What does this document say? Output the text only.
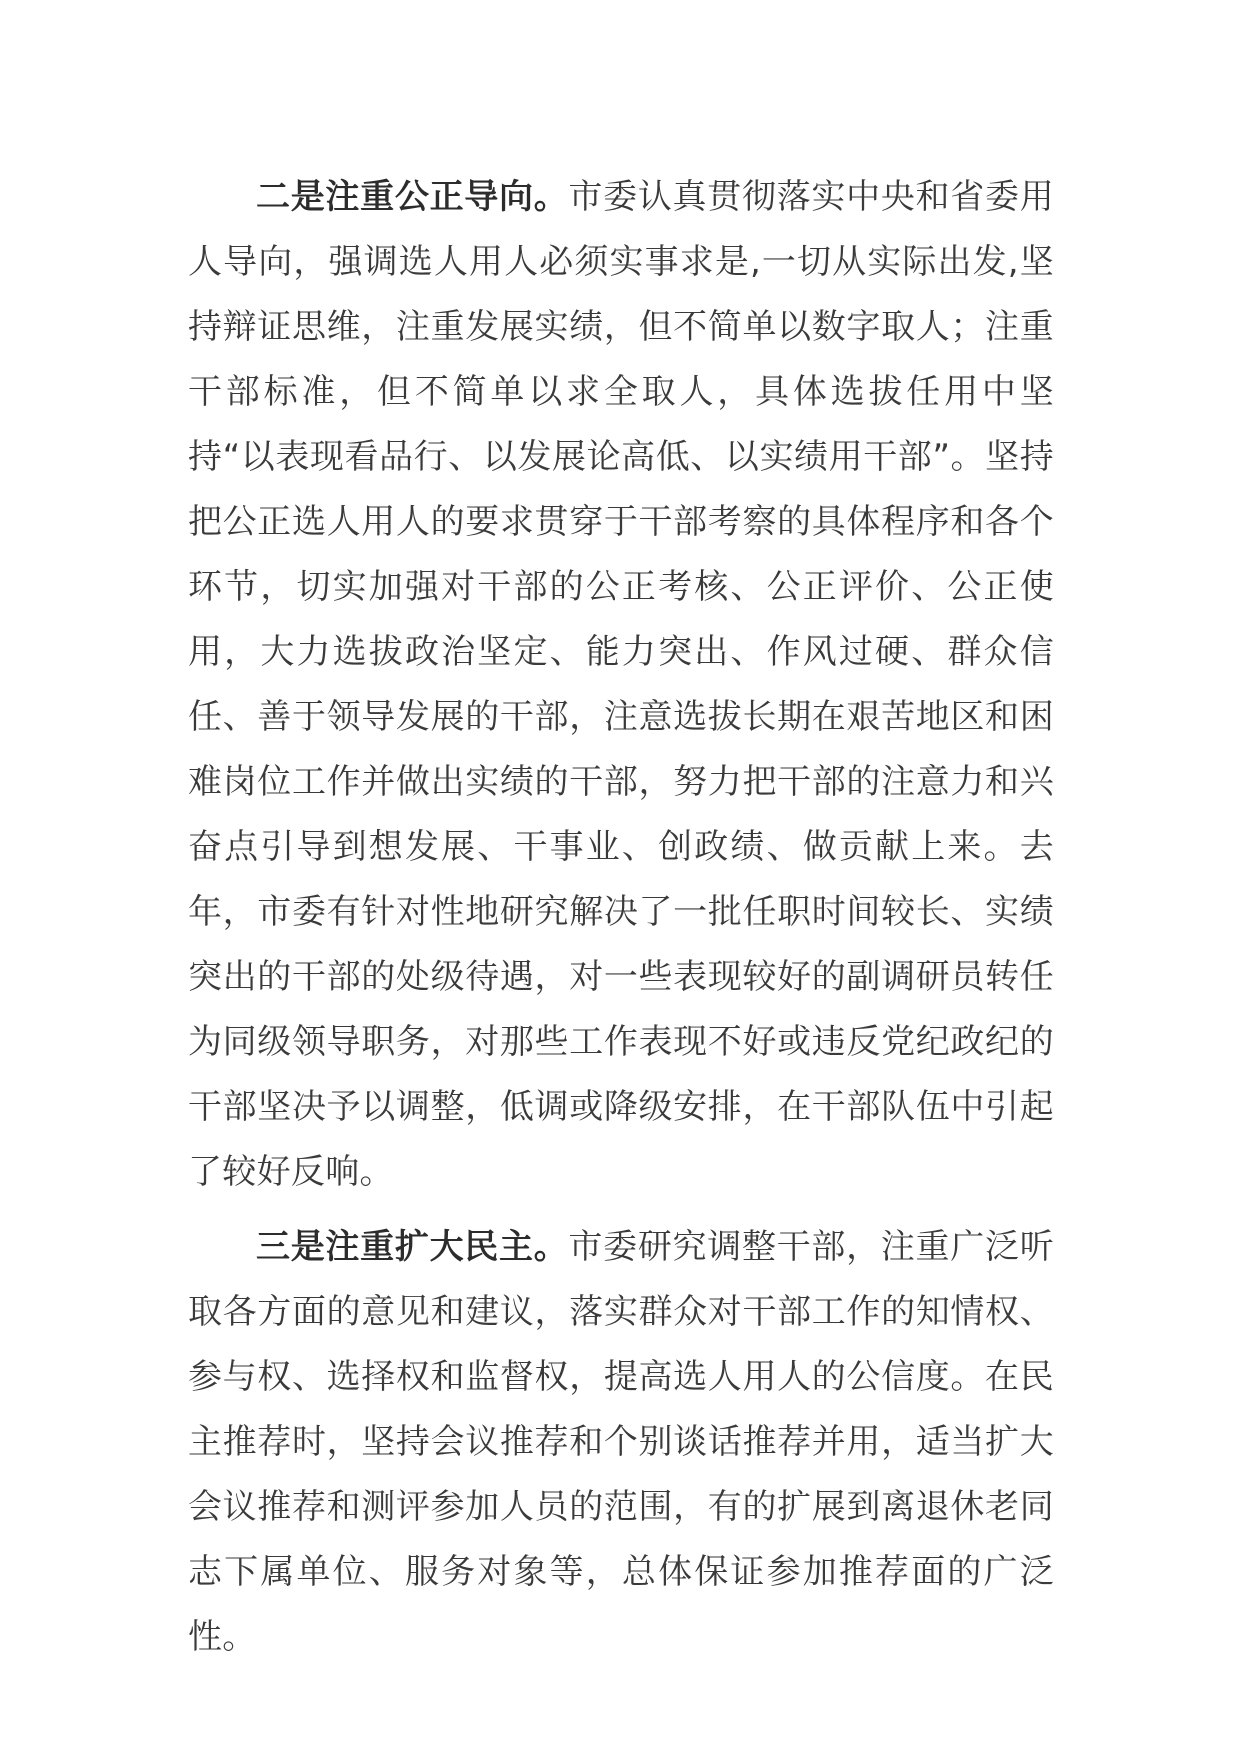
二是注重公正导向。市委认真贯彻落实中央和省委用人导向，强调选人用人必须实事求是,一切从实际出发,坚持辩证思维，注重发展实绩，但不简单以数字取人；注重干部标准，但不简单以求全取人，具体选拔任用中坚持“以表现看品行、以发展论高低、以实绩用干部”。坚持把公正选人用人的要求贯穿于干部考察的具体程序和各个环节，切实加强对干部的公正考核、公正评价、公正使用，大力选拔政治坚定、能力突出、作风过硬、群众信任、善于领导发展的干部，注意选拔长期在艰苦地区和困难岗位工作并做出实绩的干部，努力把干部的注意力和兴奋点引导到想发展、干事业、创政绩、做贡献上来。去年，市委有针对性地研究解决了一批任职时间较长、实绩突出的干部的处级待遇，对一些表现较好的副调研员转任为同级领导职务，对那些工作表现不好或违反党纪政纪的干部坚决予以调整，低调或降级安排，在干部队伍中引起了较好反响。

三是注重扩大民主。市委研究调整干部，注重广泛听取各方面的意见和建议，落实群众对干部工作的知情权、参与权、选择权和监督权，提高选人用人的公信度。在民主推荐时，坚持会议推荐和个别谈话推荐并用，适当扩大会议推荐和测评参加人员的范围，有的扩展到离退休老同志下属单位、服务对象等，总体保证参加推荐面的广泛性。
